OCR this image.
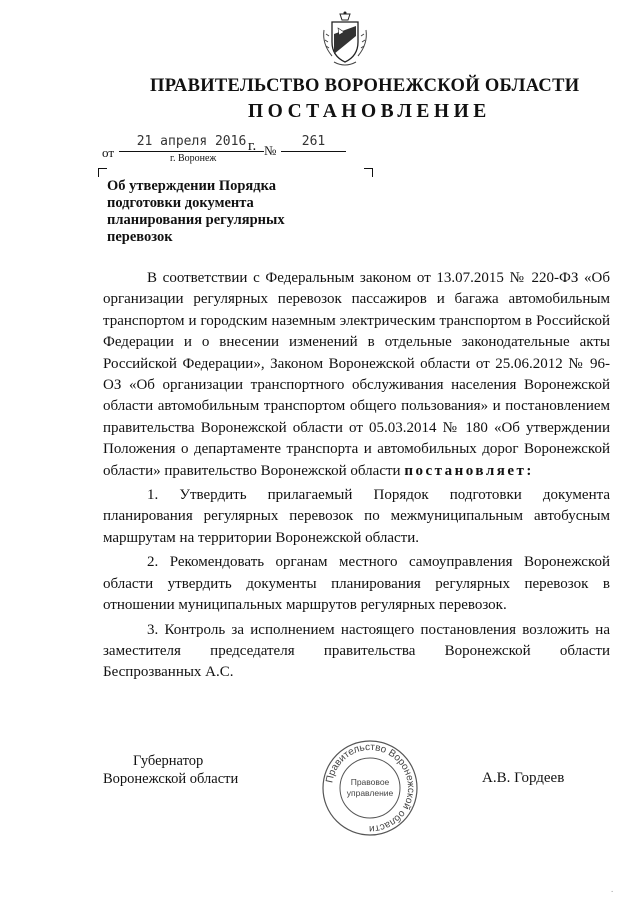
ПРАВИТЕЛЬСТВО ВОРОНЕЖСКОЙ ОБЛАСТИ
ПОСТАНОВЛЕНИЕ
от
21 апреля 2016 г. №
261
г. Воронеж
Об утверждении Порядка
подготовки документа
планирования регулярных
перевозок

В соответствии с Федеральным законом от 13.07.2015 № 220-ФЗ «Об организации регулярных перевозок пассажиров и багажа автомобильным транспортом и городским наземным электрическим транспортом в Российской Федерации и о внесении изменений в отдельные законодательные акты Российской Федерации», Законом Воронежской области от 25.06.2012 № 96-ОЗ «Об организации транспортного обслуживания населения Воронежской области автомобильным транспортом общего пользования» и постановлением правительства Воронежской области от 05.03.2014 № 180 «Об утверждении Положения о департаменте транспорта и автомобильных дорог Воронежской области» правительство Воронежской области постановляет:

1. Утвердить прилагаемый Порядок подготовки документа планирования регулярных перевозок по межмуниципальным автобусным маршрутам на территории Воронежской области.

2. Рекомендовать органам местного самоуправления Воронежской области утвердить документы планирования регулярных перевозок в отношении муниципальных маршрутов регулярных перевозок.

3. Контроль за исполнением настоящего постановления возложить на заместителя председателя правительства Воронежской области Беспрозванных А.С.

Губернатор
Воронежской области	Правительство Воронежской области
Правовое
управление
А.В. Гордеев
.
